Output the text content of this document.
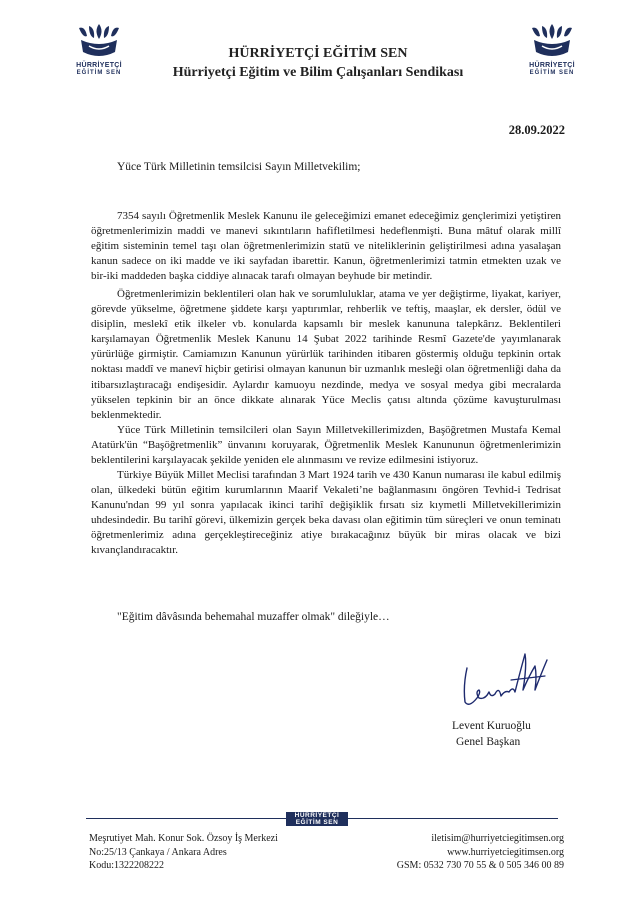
HÜRRİYETÇİ
EĞİTİM SEN
HÜRRİYETÇİ
EĞİTİM SEN
HÜRRİYETÇİ EĞİTİM SEN
Hürriyetçi Eğitim ve Bilim Çalışanları Sendikası
28.09.2022
Yüce Türk Milletinin temsilcisi Sayın Milletvekilim;

7354 sayılı Öğretmenlik Meslek Kanunu ile geleceğimizi emanet edeceğimiz gençlerimizi yetiştiren öğretmenlerimizin maddi ve manevi sıkıntıların hafifletilmesi hedeflenmişti. Buna mâtuf olarak millî eğitim sisteminin temel taşı olan öğretmenlerimizin statü ve niteliklerinin geliştirilmesi adına yasalaşan kanun sadece on iki madde ve iki sayfadan ibarettir. Kanun, öğretmenlerimizi tatmin etmekten uzak ve bir-iki maddeden başka ciddiye alınacak tarafı olmayan beyhude bir metindir.

Öğretmenlerimizin beklentileri olan hak ve sorumluluklar, atama ve yer değiştirme, liyakat, kariyer, görevde yükselme, öğretmene şiddete karşı yaptırımlar, rehberlik ve teftiş, maaşlar, ek dersler, ödül ve disiplin, meslekî etik ilkeler vb. konularda kapsamlı bir meslek kanununa talepkârız. Beklentileri karşılamayan Öğretmenlik Meslek Kanunu 14 Şubat 2022 tarihinde Resmî Gazete'de yayımlanarak yürürlüğe girmiştir. Camiamızın Kanunun yürürlük tarihinden itibaren göstermiş olduğu tepkinin ortak noktası maddî ve manevî hiçbir getirisi olmayan kanunun bir uzmanlık mesleği olan öğretmenliği daha da itibarsızlaştıracağı endişesidir. Aylardır kamuoyu nezdinde, medya ve sosyal medya gibi mecralarda yükselen tepkinin bir an önce dikkate alınarak Yüce Meclis çatısı altında çözüme kavuşturulması beklenmektedir.

Yüce Türk Milletinin temsilcileri olan Sayın Milletvekillerimizden, Başöğretmen Mustafa Kemal Atatürk'ün “Başöğretmenlik” ünvanını koruyarak, Öğretmenlik Meslek Kanununun öğretmenlerimizin beklentilerini karşılayacak şekilde yeniden ele alınmasını ve revize edilmesini istiyoruz.

Türkiye Büyük Millet Meclisi tarafından 3 Mart 1924 tarih ve 430 Kanun numarası ile kabul edilmiş olan, ülkedeki bütün eğitim kurumlarının Maarif Vekaleti’ne bağlanmasını öngören Tevhid-i Tedrisat Kanunu'ndan 99 yıl sonra yapılacak ikinci tarihî değişiklik fırsatı siz kıymetli Milletvekillerimizin uhdesindedir. Bu tarihî görevi, ülkemizin gerçek beka davası olan eğitimin tüm süreçleri ve onun teminatı öğretmenlerimiz adına gerçekleştireceğiniz atiye bırakacağınız büyük bir miras olacak ve bizi kıvançlandıracaktır.

"Eğitim dâvâsında behemahal muzaffer olmak" dileğiyle…
Levent Kuruoğlu
Genel Başkan
HÜRRİYETÇİ
EĞİTİM SEN
Meşrutiyet Mah. Konur Sok. Özsoy İş Merkezi
No:25/13 Çankaya / Ankara Adres
Kodu:1322208222
iletisim@hurriyetciegitimsen.org
www.hurriyetciegitimsen.org
GSM: 0532 730 70 55 & 0 505 346 00 89
